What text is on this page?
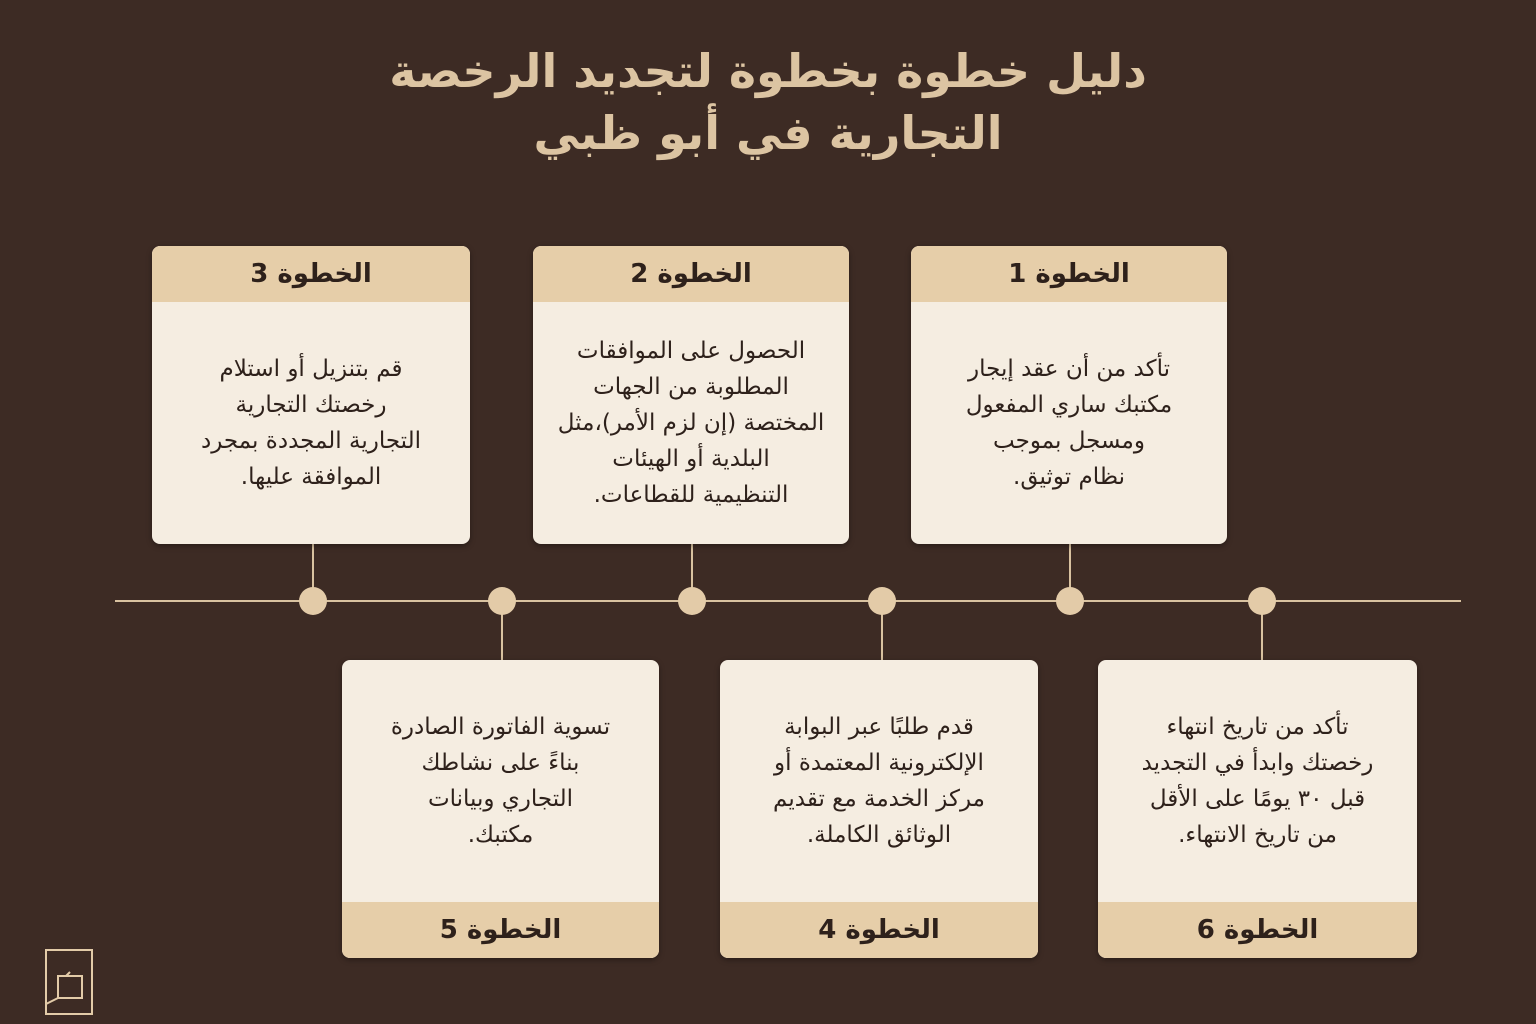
دليل خطوة بخطوة لتجديد الرخصة
التجارية في أبو ظبي
الخطوة 1
تأكد من أن عقد إيجار
مكتبك ساري المفعول
ومسجل بموجب
نظام توثيق.
الخطوة 2
الحصول على الموافقات
المطلوبة من الجهات
المختصة (إن لزم الأمر)،مثل
البلدية أو الهيئات
التنظيمية للقطاعات.
الخطوة 3
قم بتنزيل أو استلام
رخصتك التجارية
التجارية المجددة بمجرد
الموافقة عليها.
الخطوة 5
تسوية الفاتورة الصادرة
بناءً على نشاطك
التجاري وبيانات
مكتبك.
الخطوة 4
قدم طلبًا عبر البوابة
الإلكترونية المعتمدة أو
مركز الخدمة مع تقديم
الوثائق الكاملة.
الخطوة 6
تأكد من تاريخ انتهاء
رخصتك وابدأ في التجديد
قبل ٣٠ يومًا على الأقل
من تاريخ الانتهاء.
